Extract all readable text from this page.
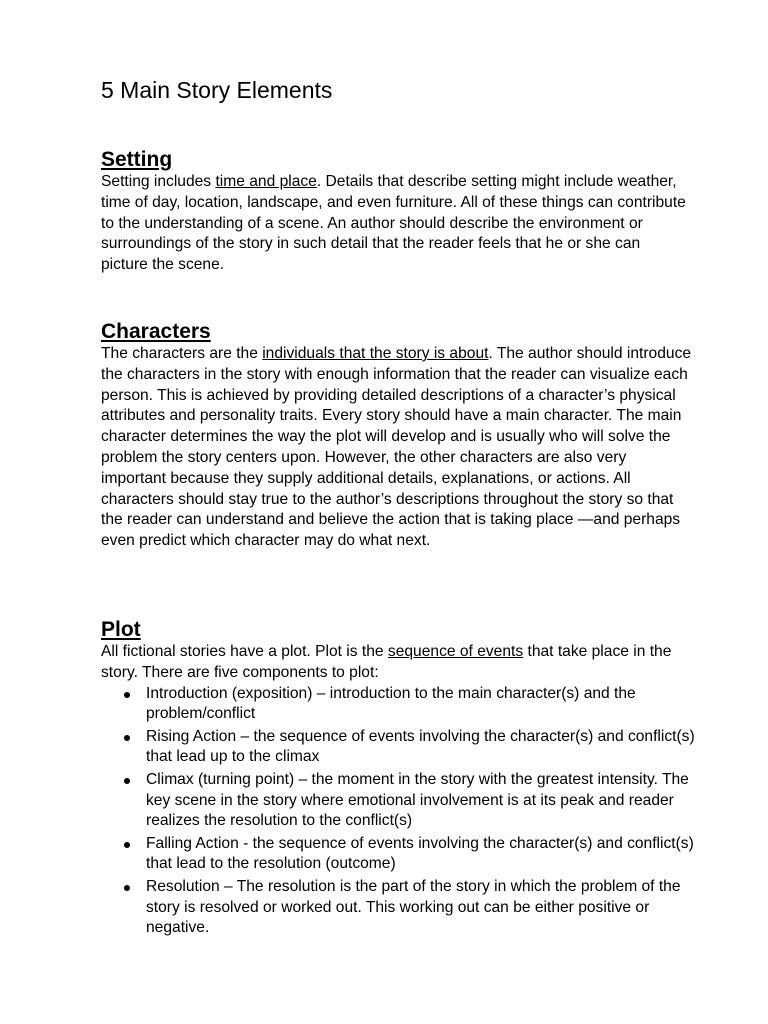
5 Main Story Elements
Setting

Setting includes time and place. Details that describe setting might include weather, time of day, location, landscape, and even furniture. All of these things can contribute to the understanding of a scene. An author should describe the environment or surroundings of the story in such detail that the reader feels that he or she can picture the scene.

Characters

The characters are the individuals that the story is about. The author should introduce the characters in the story with enough information that the reader can visualize each person. This is achieved by providing detailed descriptions of a character’s physical attributes and personality traits. Every story should have a main character. The main character determines the way the plot will develop and is usually who will solve the problem the story centers upon. However, the other characters are also very important because they supply additional details, explanations, or actions. All characters should stay true to the author’s descriptions throughout the story so that the reader can understand and believe the action that is taking place —and perhaps even predict which character may do what next.

Plot

All fictional stories have a plot. Plot is the sequence of events that take place in the story. There are five components to plot:

Introduction (exposition) – introduction to the main character(s) and the problem/conflict
Rising Action – the sequence of events involving the character(s) and conflict(s) that lead up to the climax
Climax (turning point) – the moment in the story with the greatest intensity. The key scene in the story where emotional involvement is at its peak and reader realizes the resolution to the conflict(s)
Falling Action - the sequence of events involving the character(s) and conflict(s) that lead to the resolution (outcome)
Resolution – The resolution is the part of the story in which the problem of the story is resolved or worked out. This working out can be either positive or negative.
